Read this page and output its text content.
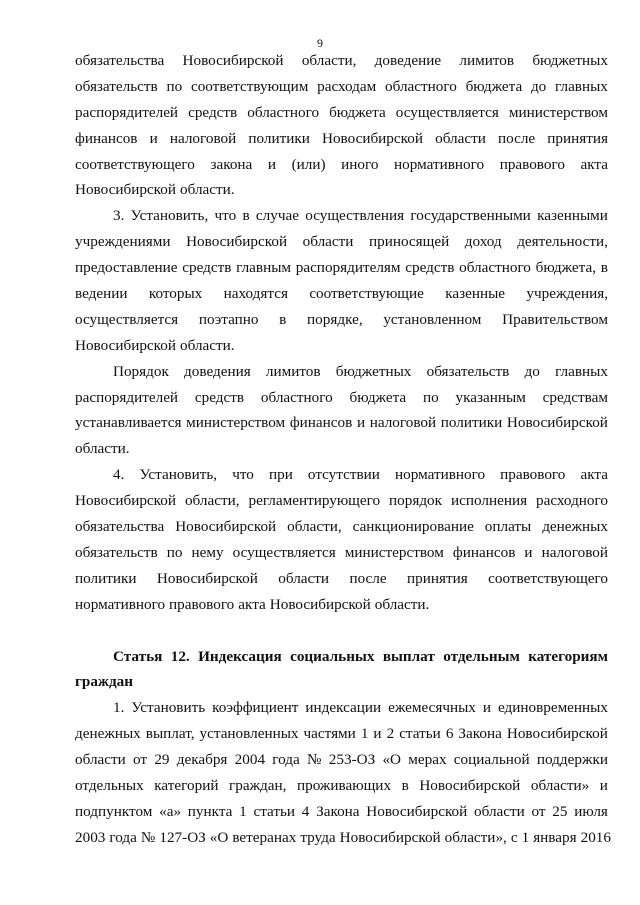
9
обязательства Новосибирской области, доведение лимитов бюджетных
обязательств по соответствующим расходам областного бюджета до главных
распорядителей средств областного бюджета осуществляется министерством
финансов и налоговой политики Новосибирской области после принятия
соответствующего закона и (или) иного нормативного правового акта
Новосибирской области.
3. Установить, что в случае осуществления государственными казенными
учреждениями Новосибирской области приносящей доход деятельности,
предоставление средств главным распорядителям средств областного бюджета, в
ведении которых находятся соответствующие казенные учреждения,
осуществляется поэтапно в порядке, установленном Правительством
Новосибирской области.
Порядок доведения лимитов бюджетных обязательств до главных
распорядителей средств областного бюджета по указанным средствам
устанавливается министерством финансов и налоговой политики Новосибирской
области.
4. Установить, что при отсутствии нормативного правового акта
Новосибирской области, регламентирующего порядок исполнения расходного
обязательства Новосибирской области, санкционирование оплаты денежных
обязательств по нему осуществляется министерством финансов и налоговой
политики Новосибирской области после принятия соответствующего
нормативного правового акта Новосибирской области.
Статья 12. Индексация социальных выплат отдельным категориям
граждан
1. Установить коэффициент индексации ежемесячных и единовременных
денежных выплат, установленных частями 1 и 2 статьи 6 Закона Новосибирской
области от 29 декабря 2004 года № 253-ОЗ «О мерах социальной поддержки
отдельных категорий граждан, проживающих в Новосибирской области» и
подпунктом «а» пункта 1 статьи 4 Закона Новосибирской области от 25 июля
2003 года № 127-ОЗ «О ветеранах труда Новосибирской области», с 1 января 2016
